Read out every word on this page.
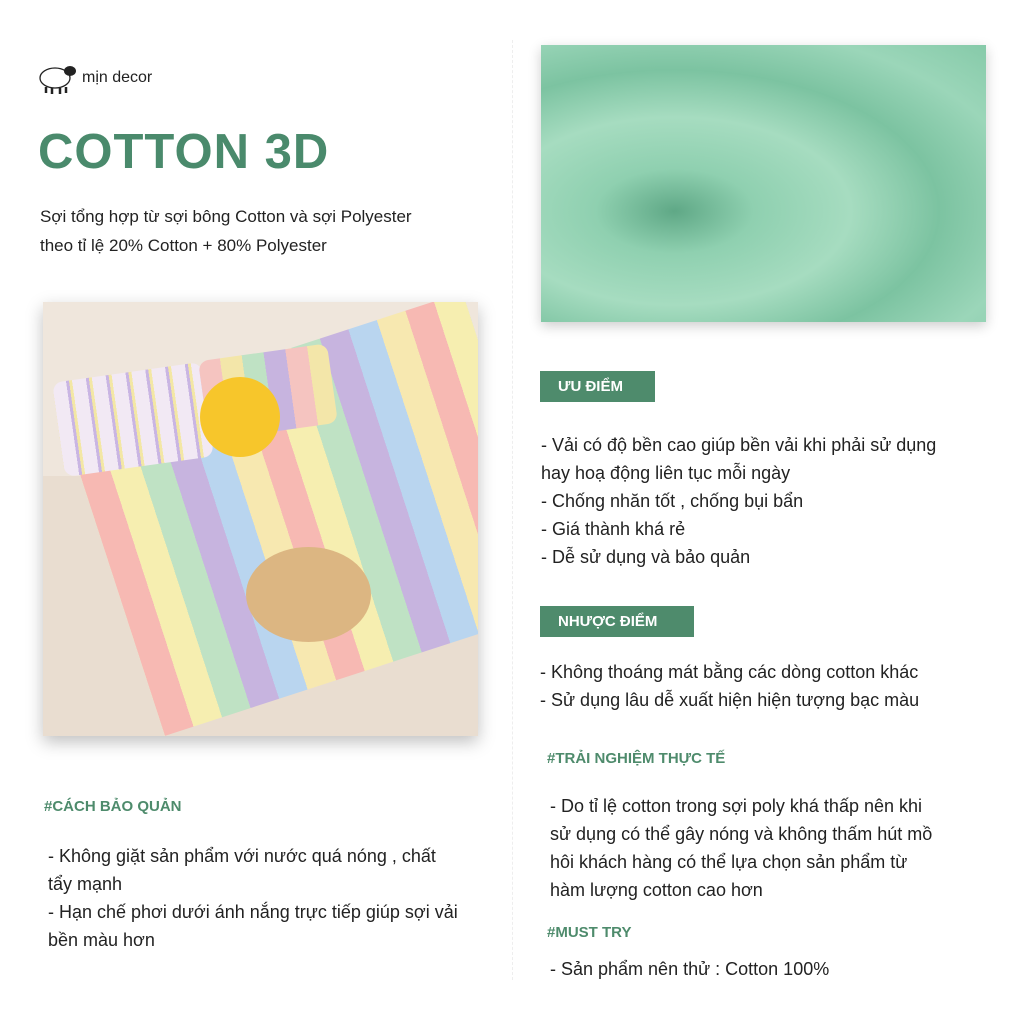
mịn decor
COTTON 3D
Sợi tổng hợp từ sợi bông Cotton và sợi Polyester
theo tỉ lệ 20% Cotton + 80% Polyester
ƯU ĐIỂM
- Vải có độ bền cao giúp bền vải khi phải sử dụng
hay hoạ động liên tục mỗi ngày
- Chống nhăn tốt , chống bụi bẩn
- Giá thành khá rẻ
- Dễ sử dụng và bảo quản
NHƯỢC ĐIỂM
- Không thoáng mát bằng các dòng cotton khác
- Sử dụng lâu dễ xuất hiện hiện tượng bạc màu
#TRẢI NGHIỆM THỰC TẾ
- Do tỉ lệ cotton trong sợi poly khá thấp nên khi
sử dụng có thể gây nóng và không thấm hút mồ
hôi khách hàng có thể lựa chọn sản phẩm từ
hàm lượng cotton cao hơn
#MUST TRY
- Sản phẩm nên thử : Cotton 100%
#CÁCH BẢO QUẢN
- Không giặt sản phẩm với nước quá nóng , chất
tẩy mạnh
- Hạn chế phơi dưới ánh nắng trực tiếp giúp sợi vải
bền màu hơn
